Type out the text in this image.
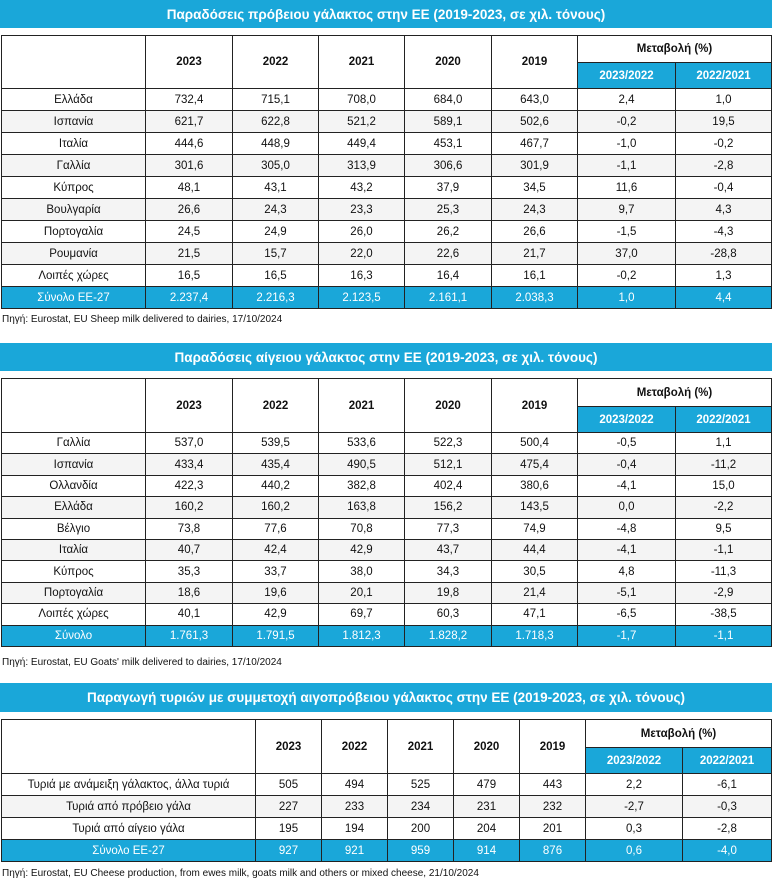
Παραδόσεις πρόβειου γάλακτος στην ΕΕ (2019-2023, σε χιλ. τόνους)
	2023	2022	2021	2020	2019	Μεταβολή (%)	
						2023/2022	2022/2021
Ελλάδα	732,4	715,1	708,0	684,0	643,0	2,4	1,0
Ισπανία	621,7	622,8	521,2	589,1	502,6	-0,2	19,5
Ιταλία	444,6	448,9	449,4	453,1	467,7	-1,0	-0,2
Γαλλία	301,6	305,0	313,9	306,6	301,9	-1,1	-2,8
Κύπρος	48,1	43,1	43,2	37,9	34,5	11,6	-0,4
Βουλγαρία	26,6	24,3	23,3	25,3	24,3	9,7	4,3
Πορτογαλία	24,5	24,9	26,0	26,2	26,6	-1,5	-4,3
Ρουμανία	21,5	15,7	22,0	22,6	21,7	37,0	-28,8
Λοιπές χώρες	16,5	16,5	16,3	16,4	16,1	-0,2	1,3
Σύνολο ΕΕ-27	2.237,4	2.216,3	2.123,5	2.161,1	2.038,3	1,0	4,4
Πηγή: Eurostat, EU Sheep milk delivered to dairies, 17/10/2024
Παραδόσεις αίγειου γάλακτος στην ΕΕ (2019-2023, σε χιλ. τόνους)
	2023	2022	2021	2020	2019	Μεταβολή (%)	
						2023/2022	2022/2021
Γαλλία	537,0	539,5	533,6	522,3	500,4	-0,5	1,1
Ισπανία	433,4	435,4	490,5	512,1	475,4	-0,4	-11,2
Ολλανδία	422,3	440,2	382,8	402,4	380,6	-4,1	15,0
Ελλάδα	160,2	160,2	163,8	156,2	143,5	0,0	-2,2
Βέλγιο	73,8	77,6	70,8	77,3	74,9	-4,8	9,5
Ιταλία	40,7	42,4	42,9	43,7	44,4	-4,1	-1,1
Κύπρος	35,3	33,7	38,0	34,3	30,5	4,8	-11,3
Πορτογαλία	18,6	19,6	20,1	19,8	21,4	-5,1	-2,9
Λοιπές χώρες	40,1	42,9	69,7	60,3	47,1	-6,5	-38,5
Σύνολο	1.761,3	1.791,5	1.812,3	1.828,2	1.718,3	-1,7	-1,1
Πηγή: Eurostat, EU Goats' milk delivered to dairies, 17/10/2024
Παραγωγή τυριών με συμμετοχή αιγοπρόβειου γάλακτος στην ΕΕ (2019-2023, σε χιλ. τόνους)
	2023	2022	2021	2020	2019	Μεταβολή (%)	
						2023/2022	2022/2021
Τυριά με ανάμειξη γάλακτος, άλλα τυριά	505	494	525	479	443	2,2	-6,1
Τυριά από πρόβειο γάλα	227	233	234	231	232	-2,7	-0,3
Τυριά από αίγειο γάλα	195	194	200	204	201	0,3	-2,8
Σύνολο ΕΕ-27	927	921	959	914	876	0,6	-4,0
Πηγή: Eurostat, EU Cheese production, from ewes milk, goats milk and others or mixed cheese, 21/10/2024
